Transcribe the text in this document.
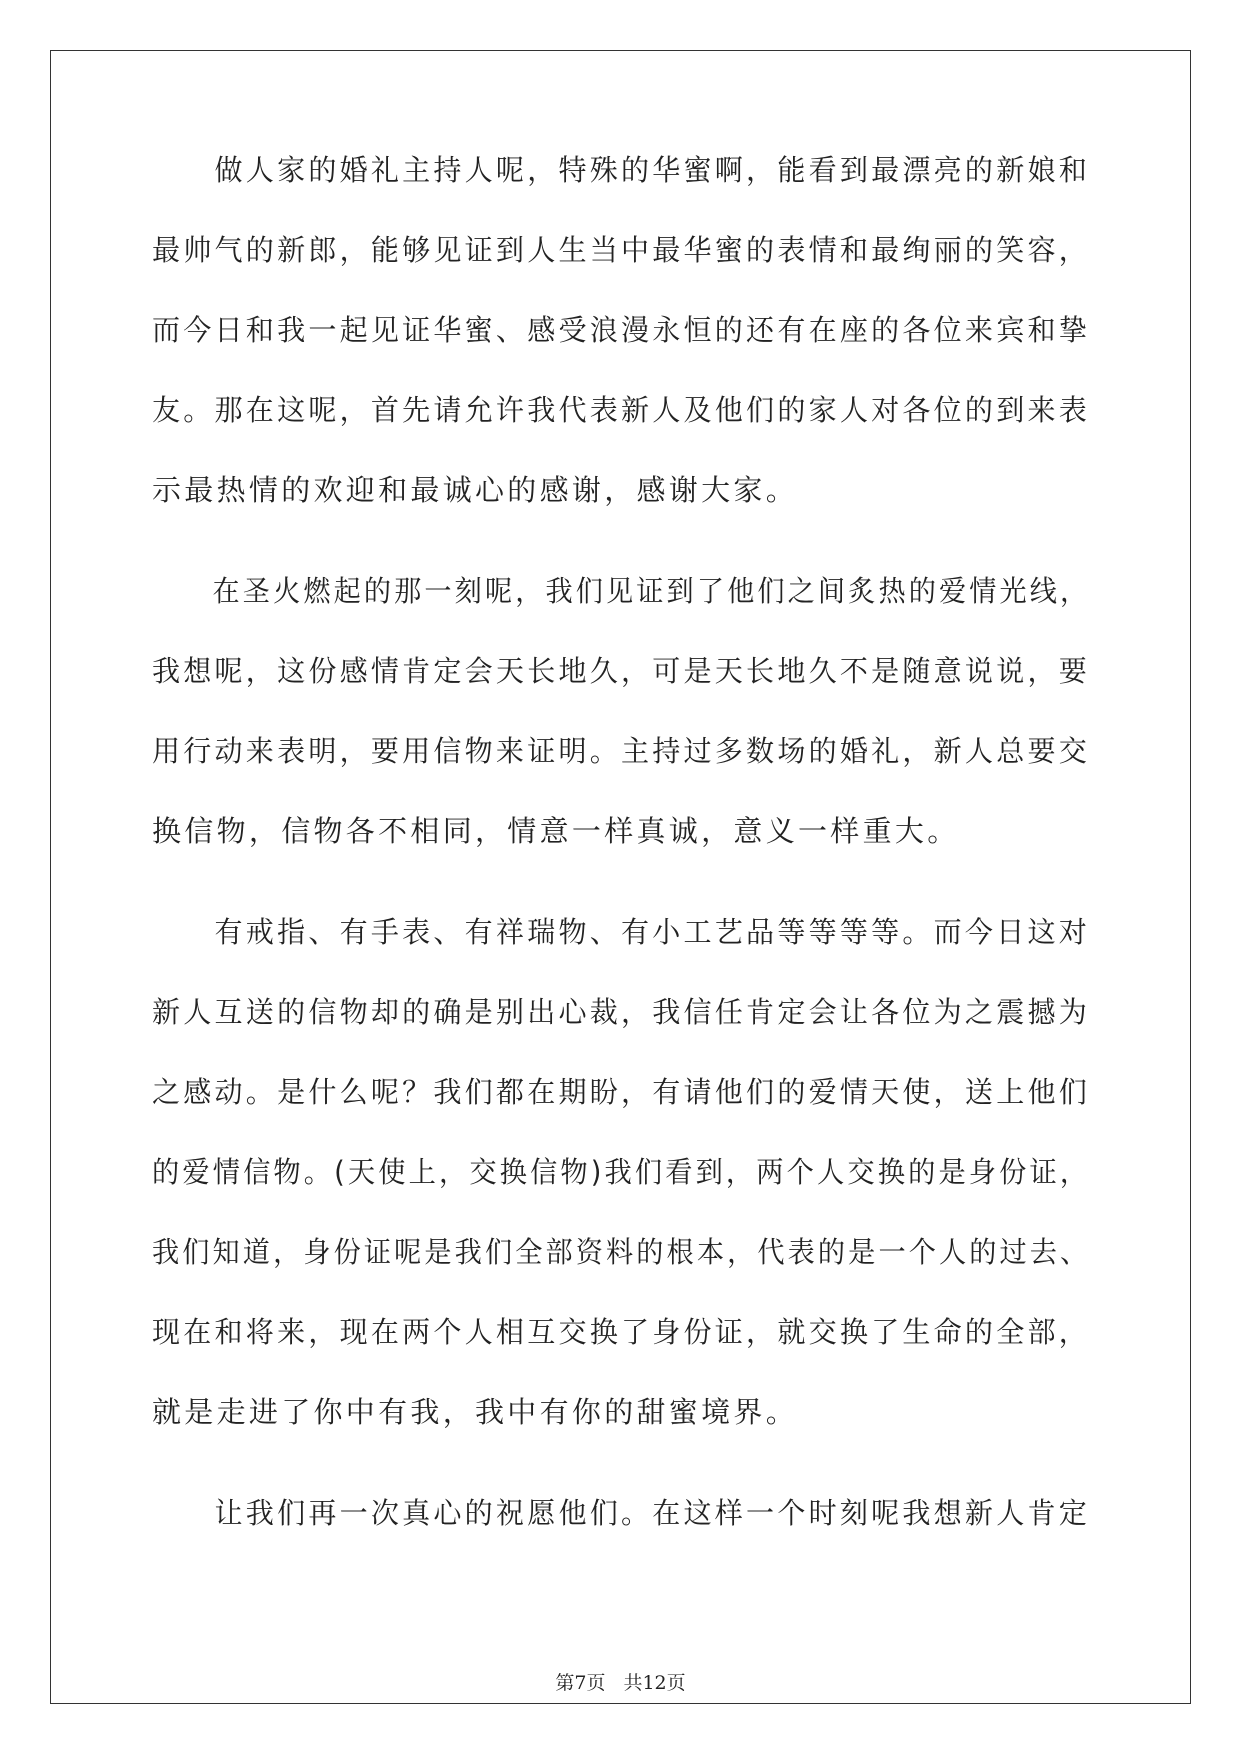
　　做人家的婚礼主持人呢，特殊的华蜜啊，能看到最漂亮的新娘和
最帅气的新郎，能够见证到人生当中最华蜜的表情和最绚丽的笑容，
而今日和我一起见证华蜜、感受浪漫永恒的还有在座的各位来宾和挚
友。那在这呢，首先请允许我代表新人及他们的家人对各位的到来表
示最热情的欢迎和最诚心的感谢，感谢大家。
　　在圣火燃起的那一刻呢，我们见证到了他们之间炙热的爱情光线，
我想呢，这份感情肯定会天长地久，可是天长地久不是随意说说，要
用行动来表明，要用信物来证明。主持过多数场的婚礼，新人总要交
换信物，信物各不相同，情意一样真诚，意义一样重大。
　　有戒指、有手表、有祥瑞物、有小工艺品等等等等。而今日这对
新人互送的信物却的确是别出心裁，我信任肯定会让各位为之震撼为
之感动。是什么呢？我们都在期盼，有请他们的爱情天使，送上他们
的爱情信物。(天使上，交换信物)我们看到，两个人交换的是身份证，
我们知道，身份证呢是我们全部资料的根本，代表的是一个人的过去、
现在和将来，现在两个人相互交换了身份证，就交换了生命的全部，
就是走进了你中有我，我中有你的甜蜜境界。
　　让我们再一次真心的祝愿他们。在这样一个时刻呢我想新人肯定
第7页 共12页
